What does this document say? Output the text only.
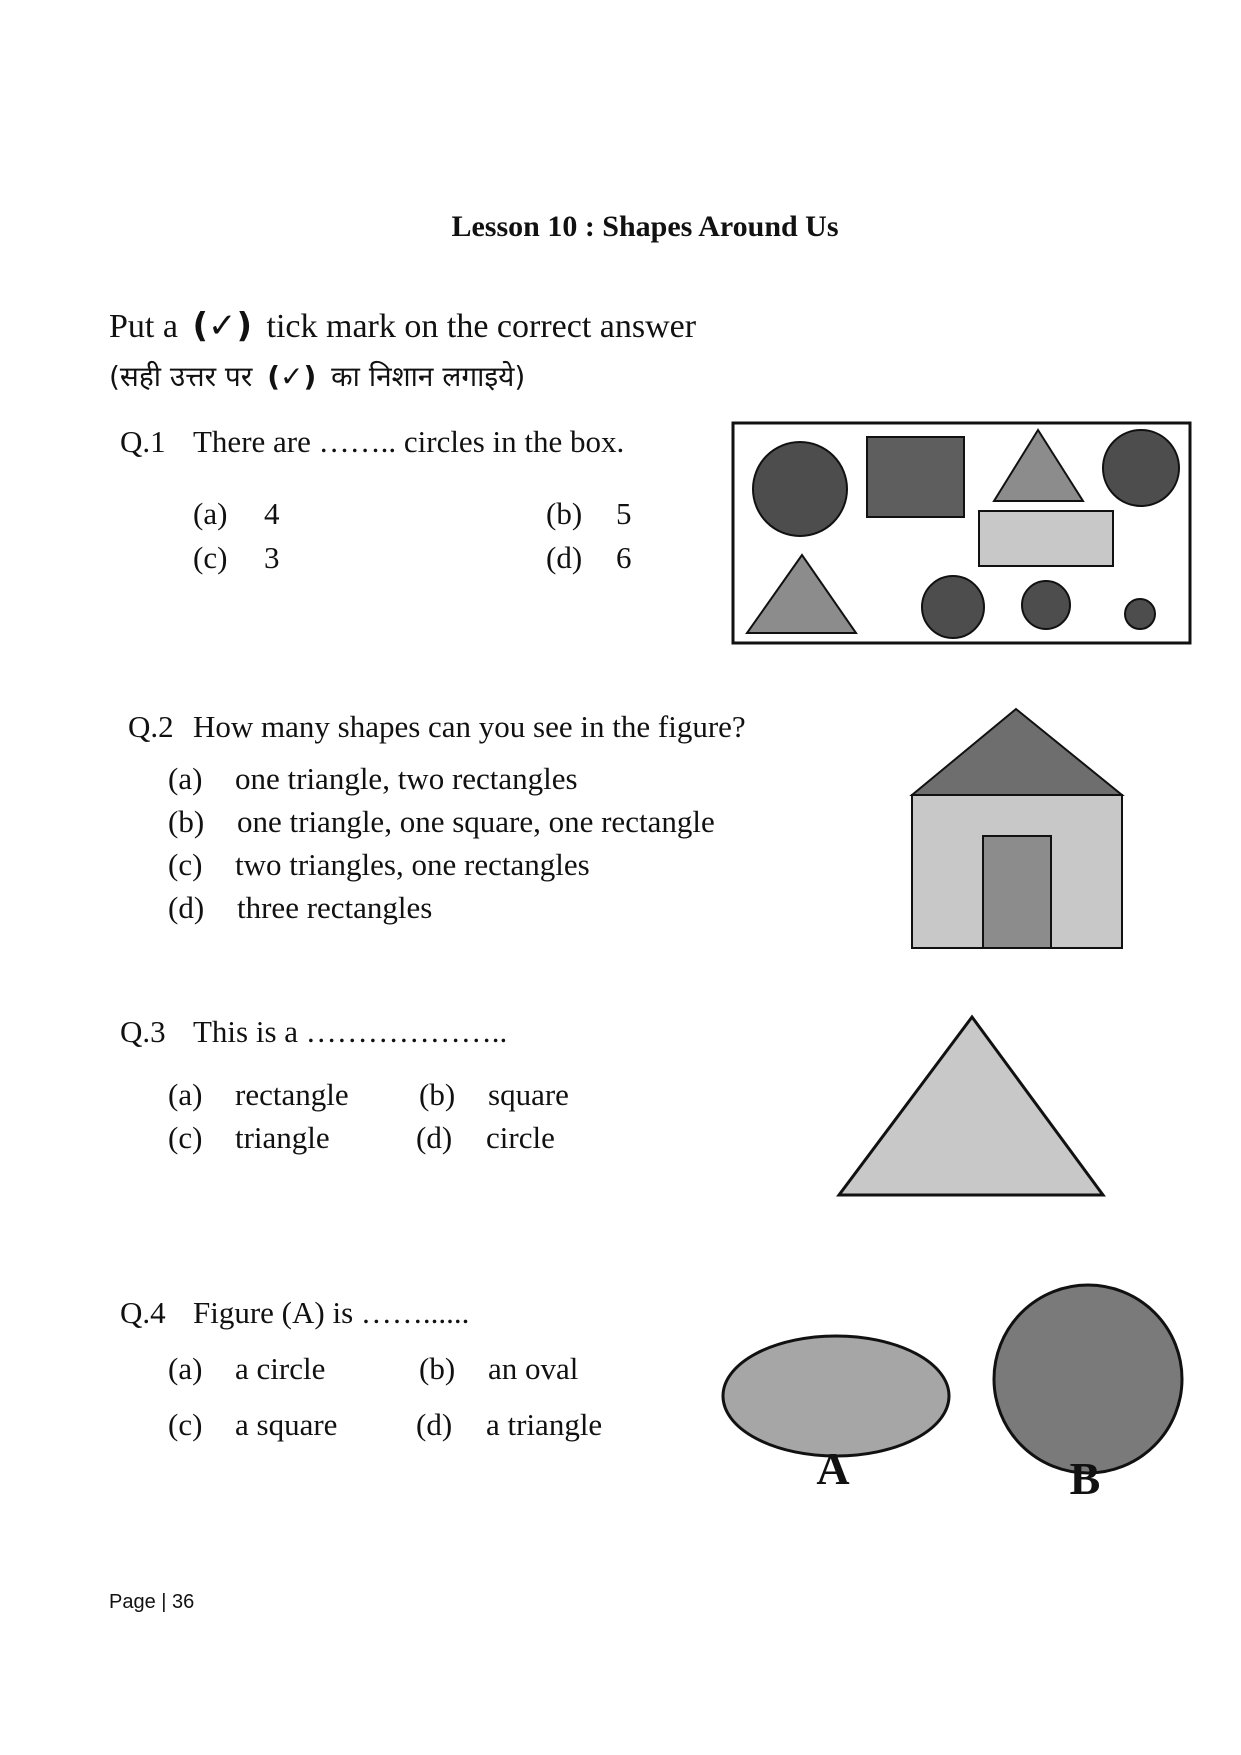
Lesson 10 : Shapes Around Us
Put a (✓) tick mark on the correct answer
(सही उत्तर पर (✓) का निशान लगाइये)
Q.1 There are …….. circles in the box.
(a) 4	(b) 5
(c) 3	(d) 6
A	B
Q.2 How many shapes can you see in the figure?
(a) one triangle, two rectangles
(b) one triangle, one square, one rectangle
(c) two triangles, one rectangles
(d) three rectangles
Q.3 This is a ………………..
(a) rectangle (b) square
(c) triangle	(d) circle
Q.4 Figure (A) is ……......
(a) a circle	(b) an oval
(c) a square	(d) a triangle
Page | 36
